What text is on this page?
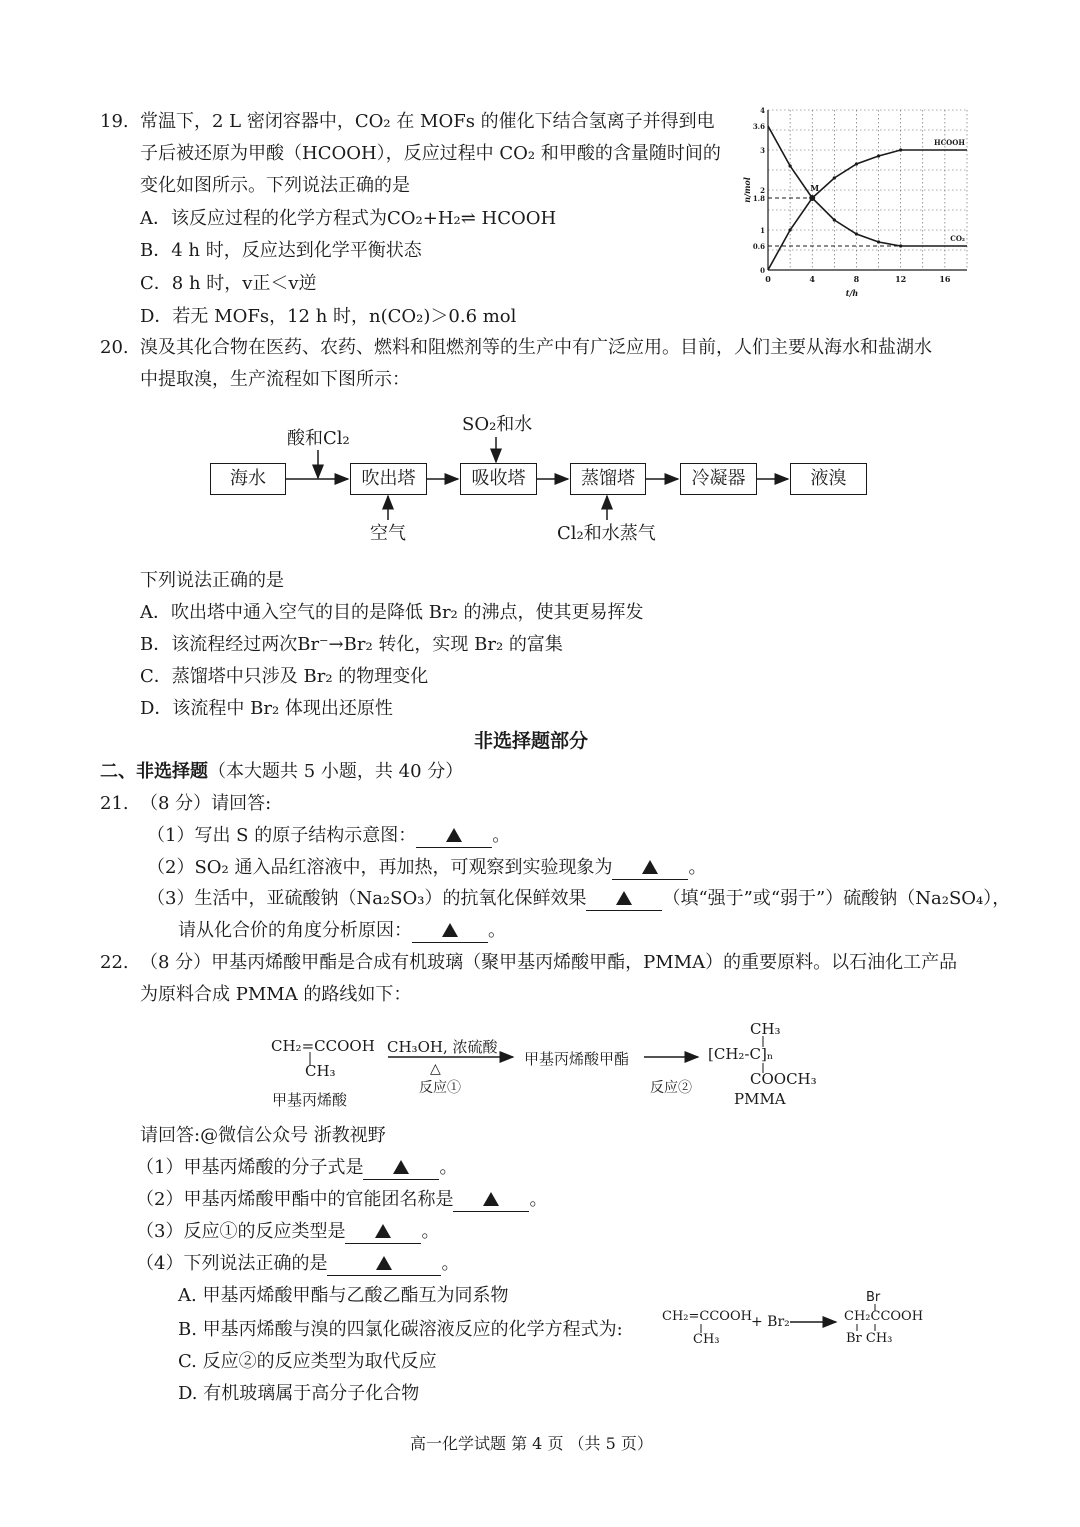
19. 常温下，2 L 密闭容器中，CO₂ 在 MOFs 的催化下结合氢离子并得到电
子后被还原为甲酸（HCOOH），反应过程中 CO₂ 和甲酸的含量随时间的
变化如图所示。下列说法正确的是
A．该反应过程的化学方程式为CO₂+H₂⇌ HCOOH
B．4 h 时，反应达到化学平衡状态
C．8 h 时，v正＜v逆
D．若无 MOFs，12 h 时，n(CO₂)＞0.6 mol
0	4	8	12	16
0
0.6
1
1.8
2
3
3.6
4
t/h
n/mol
HCOOH
CO₂
M
20. 溴及其化合物在医药、农药、燃料和阻燃剂等的生产中有广泛应用。目前，人们主要从海水和盐湖水
中提取溴，生产流程如下图所示：
海水	吹出塔	吸收塔	蒸馏塔	冷凝器	液溴
酸和Cl₂
SO₂和水
空气	Cl₂和水蒸气
下列说法正确的是
A．吹出塔中通入空气的目的是降低 Br₂ 的沸点，使其更易挥发
B．该流程经过两次Br⁻→Br₂ 转化，实现 Br₂ 的富集
C．蒸馏塔中只涉及 Br₂ 的物理变化
D．该流程中 Br₂ 体现出还原性
非选择题部分
二、非选择题（本大题共 5 小题，共 40 分）
21. （8 分）请回答:
（1）写出 S 的原子结构示意图：	。
（2）SO₂ 通入品红溶液中，再加热，可观察到实验现象为	。
（3）生活中，亚硫酸钠（Na₂SO₃）的抗氧化保鲜效果	（填“强于”或“弱于”）硫酸钠（Na₂SO₄），
请从化合价的角度分析原因：	。
22. （8 分）甲基丙烯酸甲酯是合成有机玻璃（聚甲基丙烯酸甲酯，PMMA）的重要原料。以石油化工产品
为原料合成 PMMA 的路线如下：
CH₂=CCOOH
CH₃
甲基丙烯酸
CH₃OH, 浓硫酸
△
反应①
甲基丙烯酸甲酯
反应②
CH₃
[CH₂-C]ₙ
COOCH₃
PMMA
请回答:@微信公众号 浙教视野
（1）甲基丙烯酸的分子式是	。
（2）甲基丙烯酸甲酯中的官能团名称是	。
（3）反应①的反应类型是	。
（4）下列说法正确的是	。
A. 甲基丙烯酸甲酯与乙酸乙酯互为同系物
B. 甲基丙烯酸与溴的四氯化碳溶液反应的化学方程式为:
C. 反应②的反应类型为取代反应
D. 有机玻璃属于高分子化合物
CH₂=CCOOH
CH₃
+ Br₂
Br
CH₂CCOOH
Br CH₃
高一化学试题 第 4 页 （共 5 页）
